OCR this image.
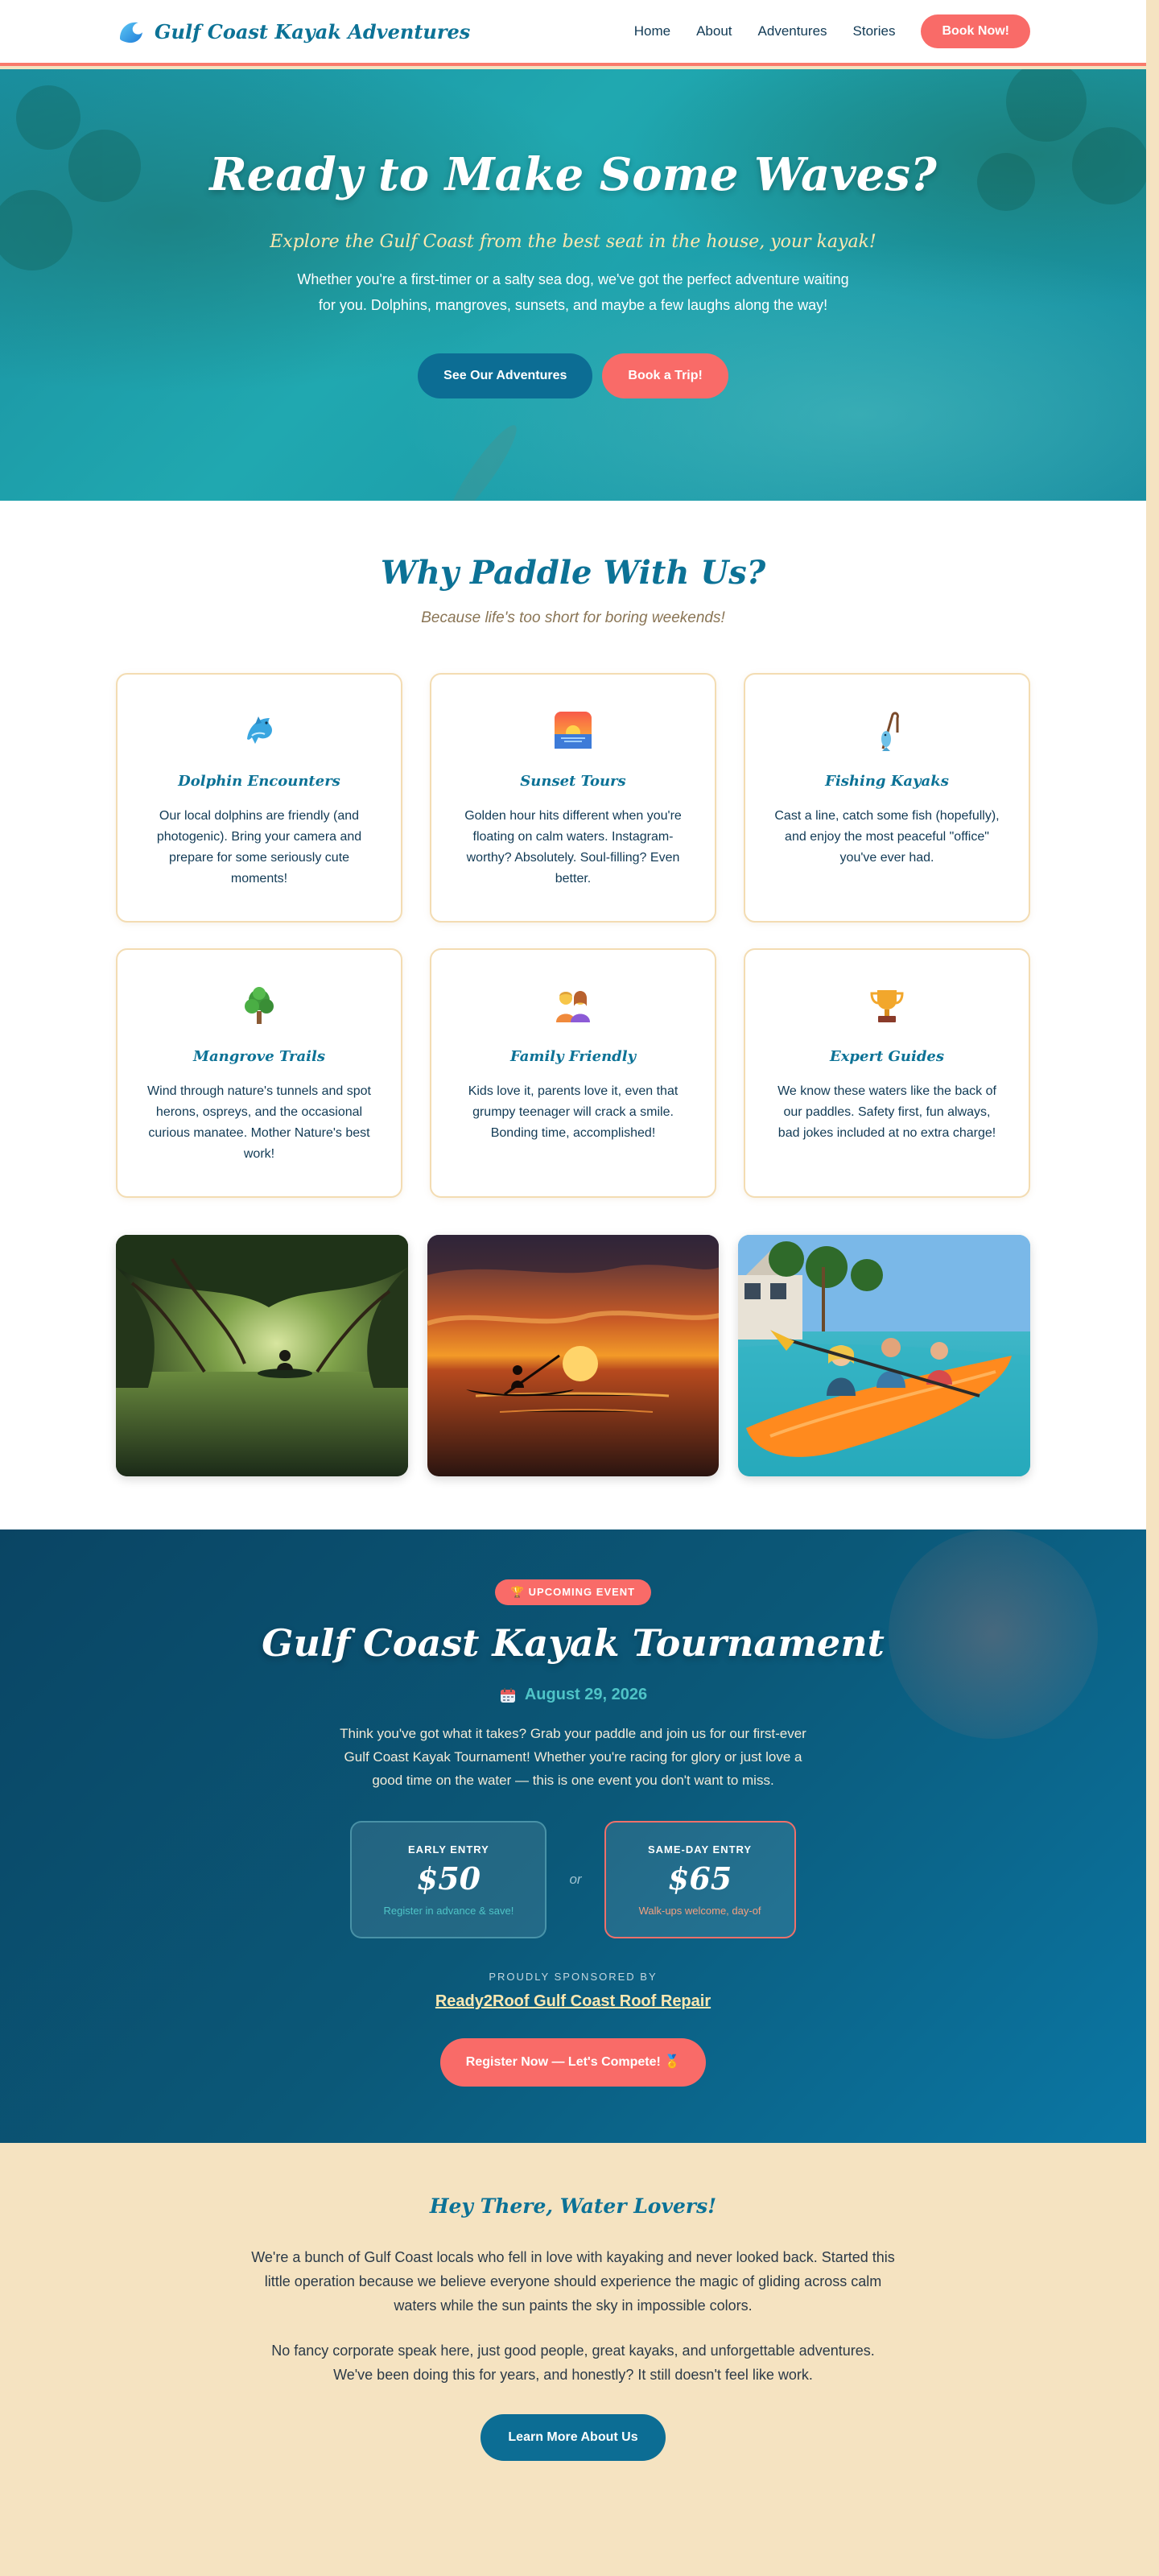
Gulf Coast Kayak Adventures	Home About Adventures Stories	Book Now!
Ready to Make Some Waves?
Explore the Gulf Coast from the best seat in the house, your kayak!
Whether you're a first-timer or a salty sea dog, we've got the perfect adventure waiting for you. Dolphins, mangroves, sunsets, and maybe a few laughs along the way!
See Our Adventures	Book a Trip!
Why Paddle With Us?
Because life's too short for boring weekends!
Dolphin Encounters

Our local dolphins are friendly (and photogenic). Bring your camera and prepare for some seriously cute moments!

Sunset Tours

Golden hour hits different when you're floating on calm waters. Instagram-worthy? Absolutely. Soul-filling? Even better.

Fishing Kayaks

Cast a line, catch some fish (hopefully), and enjoy the most peaceful "office" you've ever had.

Mangrove Trails

Wind through nature's tunnels and spot herons, ospreys, and the occasional curious manatee. Mother Nature's best work!

Family Friendly

Kids love it, parents love it, even that grumpy teenager will crack a smile. Bonding time, accomplished!

Expert Guides

We know these waters like the back of our paddles. Safety first, fun always, bad jokes included at no extra charge!

🏆 UPCOMING EVENT
Gulf Coast Kayak Tournament
August 29, 2026
Think you've got what it takes? Grab your paddle and join us for our first-ever Gulf Coast Kayak Tournament! Whether you're racing for glory or just love a good time on the water — this is one event you don't want to miss.
EARLY ENTRY
$50
Register in advance & save!
or
SAME-DAY ENTRY
$65
Walk-ups welcome, day-of
PROUDLY SPONSORED BY
Ready2Roof Gulf Coast Roof Repair
Register Now — Let's Compete! 🏅
Hey There, Water Lovers!

We're a bunch of Gulf Coast locals who fell in love with kayaking and never looked back. Started this little operation because we believe everyone should experience the magic of gliding across calm waters while the sun paints the sky in impossible colors.

No fancy corporate speak here, just good people, great kayaks, and unforgettable adventures. We've been doing this for years, and honestly? It still doesn't feel like work.

Learn More About Us
